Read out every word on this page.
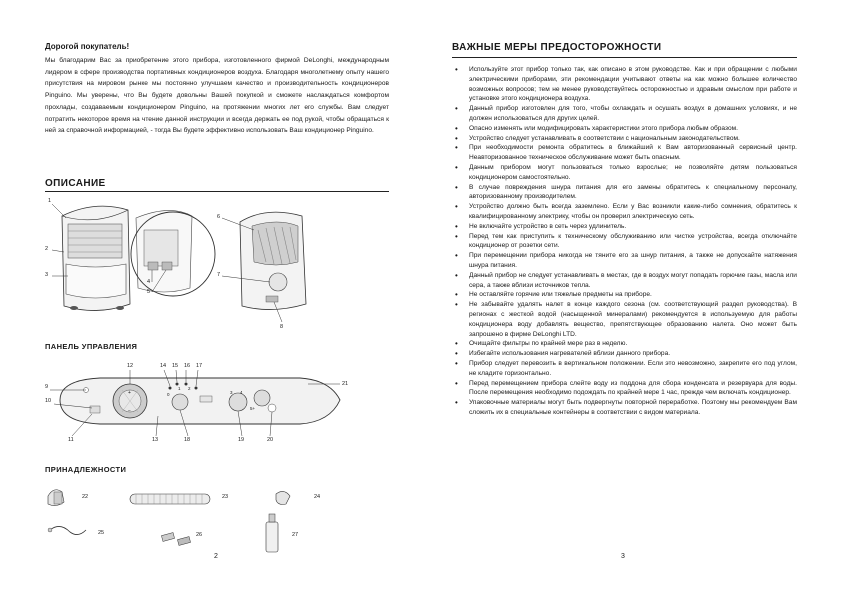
Дорогой покупатель!
Мы благодарим Вас за приобретение этого прибора, изготовленного фирмой DeLonghi, международным лидером в сфере производства портативных кондиционеров воздуха. Благодаря многолетнему опыту нашего присутствия на мировом рынке мы постоянно улучшаем качество и производительность кондиционеров Pinguino. Мы уверены, что Вы будете довольны Вашей покупкой и сможете наслаждаться комфортом прохлады, создаваемым кондиционером Pinguino, на протяжении многих лет его службы. Вам следует потратить некоторое время на чтение данной инструкции и всегда держать ее под рукой, чтобы обращаться к ней за справочной информацией, - тогда Вы будете эффективно использовать Ваш кондиционер Pinguino.
ОПИСАНИЕ
1
2
3
4
5
6
7
8
ПАНЕЛЬ УПРАВЛЕНИЯ
9
10
11
12
13
14 15 16 17
18	19	20
21
+
−
0
1 2
3 4
5+
ПРИНАДЛЕЖНОСТИ
22	23	24
25	26	27
2
ВАЖНЫЕ МЕРЫ ПРЕДОСТОРОЖНОСТИ
• Используйте этот прибор только так, как описано в этом руководстве. Как и при обращении с любыми электрическими приборами, эти рекомендации учитывают ответы на как можно большее количество возможных вопросов; тем не менее руководствуйтесь осторожностью и здравым смыслом при работе и установке этого кондиционера воздуха.
• Данный прибор изготовлен для того, чтобы охлаждать и осушать воздух в домашних условиях, и не должен использоваться для других целей.
• Опасно изменять или модифицировать характеристики этого прибора любым образом.
• Устройство следует устанавливать в соответствии с национальным законодательством.
• При необходимости ремонта обратитесь в ближайший к Вам авторизованный сервисный центр. Неавторизованное техническое обслуживание может быть опасным.
• Данным прибором могут пользоваться только взрослые; не позволяйте детям пользоваться кондиционером самостоятельно.
• В случае повреждения шнура питания для его замены обратитесь к специальному персоналу, авторизованному производителем.
• Устройство должно быть всегда заземлено. Если у Вас возникли какие-либо сомнения, обратитесь к квалифицированному электрику, чтобы он проверил электрическую сеть.
• Не включайте устройство в сеть через удлинитель.
• Перед тем как приступить к техническому обслуживанию или чистке устройства, всегда отключайте кондиционер от розетки сети.
• При перемещении прибора никогда не тяните его за шнур питания, а также не допускайте натяжения шнура питания.
• Данный прибор не следует устанавливать в местах, где в воздух могут попадать горючие газы, масла или сера, а также вблизи источников тепла.
• Не оставляйте горячие или тяжелые предметы на приборе.
• Не забывайте удалять налет в конце каждого сезона (см. соответствующий раздел руководства). В регионах с жесткой водой (насыщенной минералами) рекомендуется в используемую для работы кондиционера воду добавлять вещество, препятствующее образованию налета. Оно может быть запрошено в фирме DeLonghi LTD.
• Очищайте фильтры по крайней мере раз в неделю.
• Избегайте использования нагревателей вблизи данного прибора.
• Прибор следует перевозить в вертикальном положении. Если это невозможно, закрепите его под углом, не кладите горизонтально.
• Перед перемещением прибора слейте воду из поддона для сбора конденсата и резервуара для воды. После перемещения необходимо подождать по крайней мере 1 час, прежде чем включать кондиционер.
• Упаковочные материалы могут быть подвергнуты повторной переработке. Поэтому мы рекомендуем Вам сложить их в специальные контейнеры в соответствии с видом материала.
3
